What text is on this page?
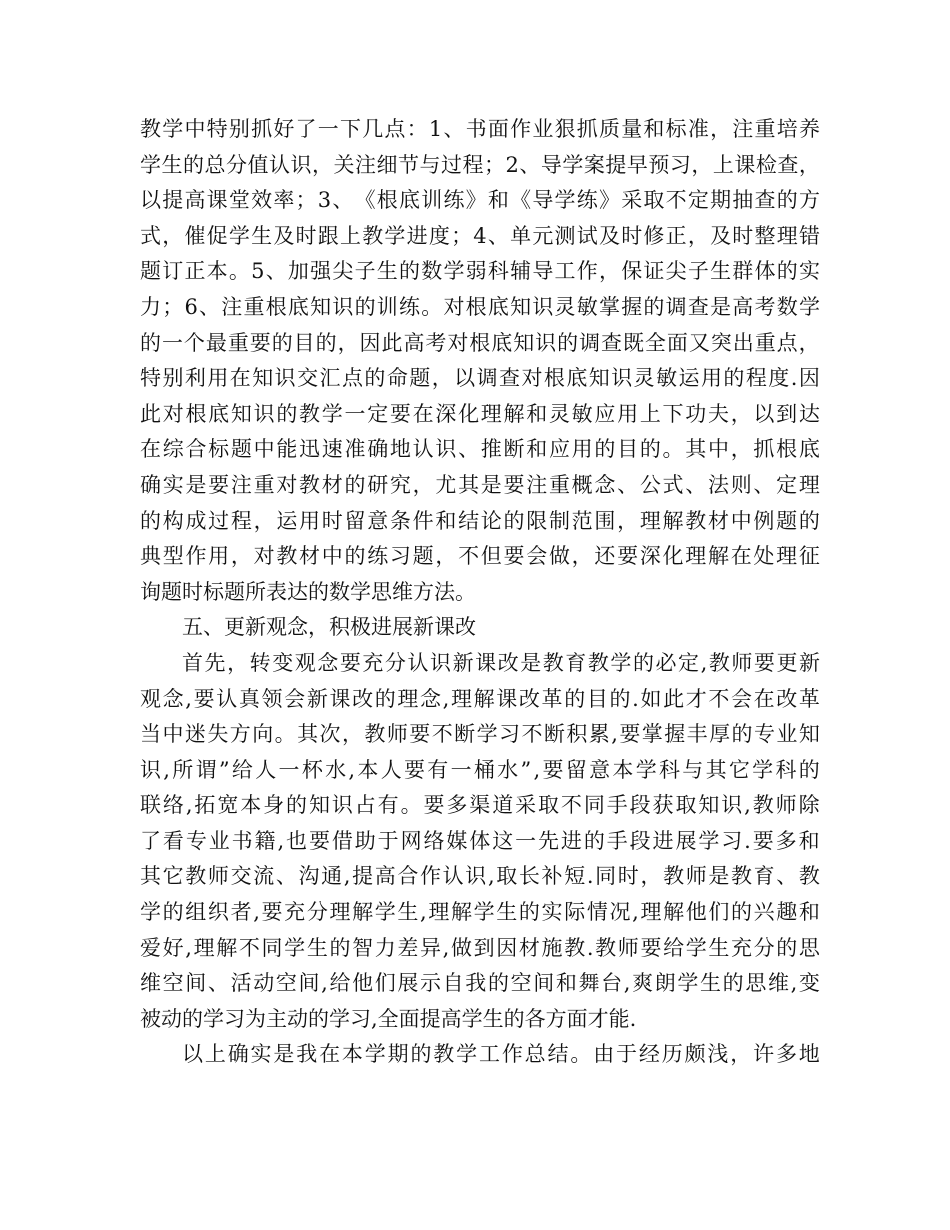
教 学 中 特 别 抓 好 了 一 下 几 点 ： 1 、 书 面 作 业 狠 抓 质 量 和 标 准 ， 注 重 培 养
学 生 的 总 分 值 认 识 ， 关 注 细 节 与 过 程 ； 2 、 导 学 案 提 早 预 习 ， 上 课 检 查 ，
以 提 高 课 堂 效 率 ； 3 、 《 根 底 训 练 》 和 《 导 学 练 》 采 取 不 定 期 抽 查 的 方
式 ， 催 促 学 生 及 时 跟 上 教 学 进 度 ； 4 、 单 元 测 试 及 时 修 正 ， 及 时 整 理 错
题 订 正 本 。 5 、 加 强 尖 子 生 的 数 学 弱 科 辅 导 工 作 ， 保 证 尖 子 生 群 体 的 实
力 ； 6 、 注 重 根 底 知 识 的 训 练 。 对 根 底 知 识 灵 敏 掌 握 的 调 查 是 高 考 数 学
的 一 个 最 重 要 的 目 的 ， 因 此 高 考 对 根 底 知 识 的 调 查 既 全 面 又 突 出 重 点 ，
特 别 利 用 在 知 识 交 汇 点 的 命 题 ， 以 调 查 对 根 底 知 识 灵 敏 运 用 的 程 度 . 因
此 对 根 底 知 识 的 教 学 一 定 要 在 深 化 理 解 和 灵 敏 应 用 上 下 功 夫 ， 以 到 达
在 综 合 标 题 中 能 迅 速 准 确 地 认 识 、 推 断 和 应 用 的 目 的 。 其 中 ， 抓 根 底
确 实 是 要 注 重 对 教 材 的 研 究 ， 尤 其 是 要 注 重 概 念 、 公 式 、 法 则 、 定 理
的 构 成 过 程 ， 运 用 时 留 意 条 件 和 结 论 的 限 制 范 围 ， 理 解 教 材 中 例 题 的
典 型 作 用 ， 对 教 材 中 的 练 习 题 ， 不 但 要 会 做 ， 还 要 深 化 理 解 在 处 理 征
询题时标题所表达的数学思维方法。
五、更新观念，积极进展新课改
首 先 ， 转 变 观 念 要 充 分 认 识 新 课 改 是 教 育 教 学 的 必 定 , 教 师 要 更 新
观 念 , 要 认 真 领 会 新 课 改 的 理 念 , 理 解 课 改 革 的 目 的 . 如 此 才 不 会 在 改 革
当 中 迷 失 方 向 。 其 次 ， 教 师 要 不 断 学 习 不 断 积 累 , 要 掌 握 丰 厚 的 专 业 知
识 , 所 谓 ” 给 人 一 杯 水 , 本 人 要 有 一 桶 水 ” , 要 留 意 本 学 科 与 其 它 学 科 的
联 络 , 拓 宽 本 身 的 知 识 占 有 。 要 多 渠 道 采 取 不 同 手 段 获 取 知 识 , 教 师 除
了 看 专 业 书 籍 , 也 要 借 助 于 网 络 媒 体 这 一 先 进 的 手 段 进 展 学 习 . 要 多 和
其 它 教 师 交 流 、 沟 通 , 提 高 合 作 认 识 , 取 长 补 短 . 同 时 ， 教 师 是 教 育 、 教
学 的 组 织 者 , 要 充 分 理 解 学 生 , 理 解 学 生 的 实 际 情 况 , 理 解 他 们 的 兴 趣 和
爱 好 , 理 解 不 同 学 生 的 智 力 差 异 , 做 到 因 材 施 教 . 教 师 要 给 学 生 充 分 的 思
维 空 间 、 活 动 空 间 , 给 他 们 展 示 自 我 的 空 间 和 舞 台 , 爽 朗 学 生 的 思 维 , 变
被动的学习为主动的学习,全面提高学生的各方面才能.
以 上 确 实 是 我 在 本 学 期 的 教 学 工 作 总 结 。 由 于 经 历 颇 浅 ， 许 多 地
